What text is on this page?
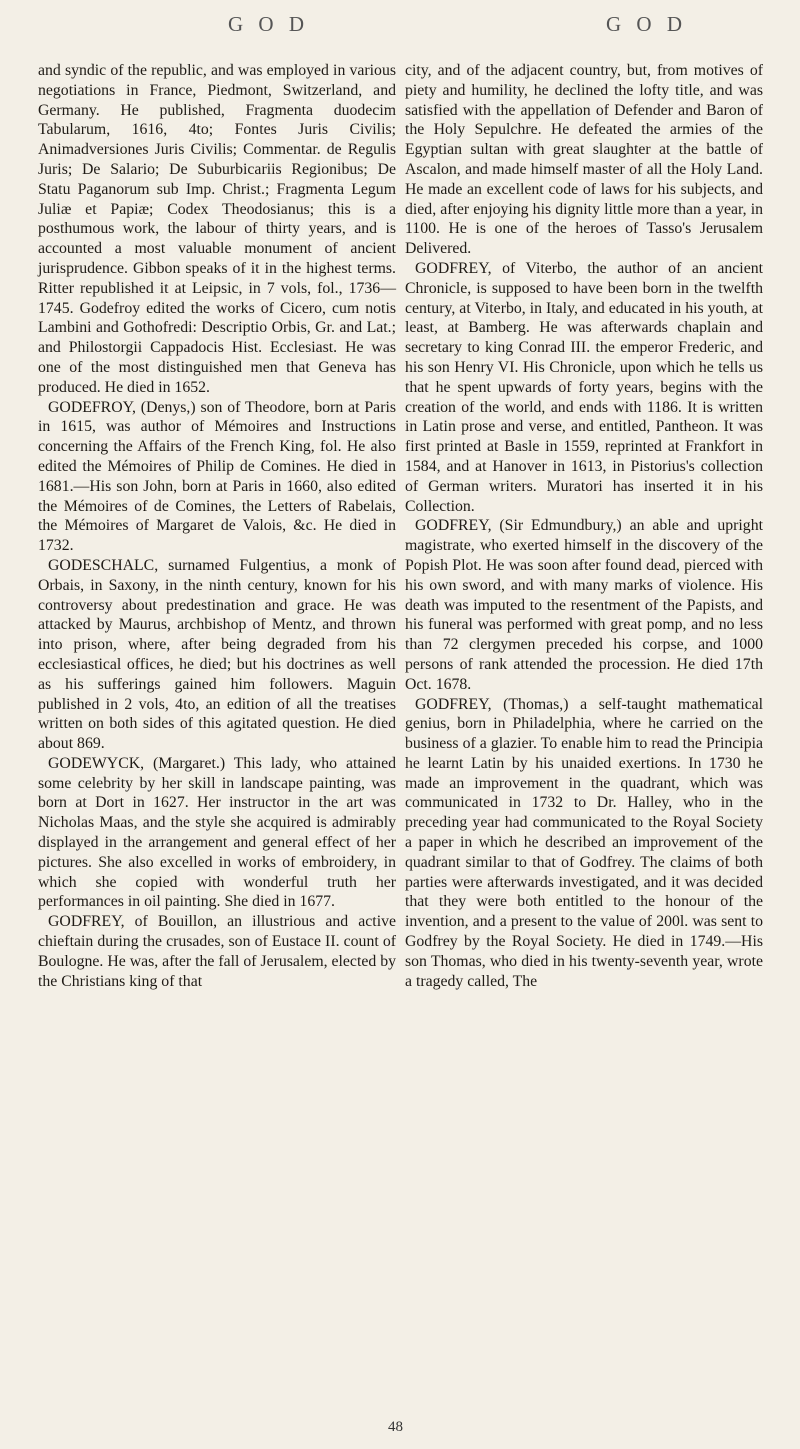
G O D	G O D

and syndic of the republic, and was employed in various negotiations in France, Piedmont, Switzerland, and Germany. He published, Fragmenta duodecim Tabularum, 1616, 4to; Fontes Juris Civilis; Animadversiones Juris Civilis; Commentar. de Regulis Juris; De Salario; De Suburbicariis Regionibus; De Statu Paganorum sub Imp. Christ.; Fragmenta Legum Juliæ et Papiæ; Codex Theodosianus; this is a posthumous work, the labour of thirty years, and is accounted a most valuable monument of ancient jurisprudence. Gibbon speaks of it in the highest terms. Ritter republished it at Leipsic, in 7 vols, fol., 1736—1745. Godefroy edited the works of Cicero, cum notis Lambini and Gothofredi: Descriptio Orbis, Gr. and Lat.; and Philostorgii Cappadocis Hist. Ecclesiast. He was one of the most distinguished men that Geneva has produced. He died in 1652.

GODEFROY, (Denys,) son of Theodore, born at Paris in 1615, was author of Mémoires and Instructions concerning the Affairs of the French King, fol. He also edited the Mémoires of Philip de Comines. He died in 1681.—His son John, born at Paris in 1660, also edited the Mémoires of de Comines, the Letters of Rabelais, the Mémoires of Margaret de Valois, &c. He died in 1732.

GODESCHALC, surnamed Fulgentius, a monk of Orbais, in Saxony, in the ninth century, known for his controversy about predestination and grace. He was attacked by Maurus, archbishop of Mentz, and thrown into prison, where, after being degraded from his ecclesiastical offices, he died; but his doctrines as well as his sufferings gained him followers. Maguin published in 2 vols, 4to, an edition of all the treatises written on both sides of this agitated question. He died about 869.

GODEWYCK, (Margaret.) This lady, who attained some celebrity by her skill in landscape painting, was born at Dort in 1627. Her instructor in the art was Nicholas Maas, and the style she acquired is admirably displayed in the arrangement and general effect of her pictures. She also excelled in works of embroidery, in which she copied with wonderful truth her performances in oil painting. She died in 1677.

GODFREY, of Bouillon, an illustrious and active chieftain during the crusades, son of Eustace II. count of Boulogne. He was, after the fall of Jerusalem, elected by the Christians king of that

city, and of the adjacent country, but, from motives of piety and humility, he declined the lofty title, and was satisfied with the appellation of Defender and Baron of the Holy Sepulchre. He defeated the armies of the Egyptian sultan with great slaughter at the battle of Ascalon, and made himself master of all the Holy Land. He made an excellent code of laws for his subjects, and died, after enjoying his dignity little more than a year, in 1100. He is one of the heroes of Tasso's Jerusalem Delivered.

GODFREY, of Viterbo, the author of an ancient Chronicle, is supposed to have been born in the twelfth century, at Viterbo, in Italy, and educated in his youth, at least, at Bamberg. He was afterwards chaplain and secretary to king Conrad III. the emperor Frederic, and his son Henry VI. His Chronicle, upon which he tells us that he spent upwards of forty years, begins with the creation of the world, and ends with 1186. It is written in Latin prose and verse, and entitled, Pantheon. It was first printed at Basle in 1559, reprinted at Frankfort in 1584, and at Hanover in 1613, in Pistorius's collection of German writers. Muratori has inserted it in his Collection.

GODFREY, (Sir Edmundbury,) an able and upright magistrate, who exerted himself in the discovery of the Popish Plot. He was soon after found dead, pierced with his own sword, and with many marks of violence. His death was imputed to the resentment of the Papists, and his funeral was performed with great pomp, and no less than 72 clergymen preceded his corpse, and 1000 persons of rank attended the procession. He died 17th Oct. 1678.

GODFREY, (Thomas,) a self-taught mathematical genius, born in Philadelphia, where he carried on the business of a glazier. To enable him to read the Principia he learnt Latin by his unaided exertions. In 1730 he made an improvement in the quadrant, which was communicated in 1732 to Dr. Halley, who in the preceding year had communicated to the Royal Society a paper in which he described an improvement of the quadrant similar to that of Godfrey. The claims of both parties were afterwards investigated, and it was decided that they were both entitled to the honour of the invention, and a present to the value of 200l. was sent to Godfrey by the Royal Society. He died in 1749.—His son Thomas, who died in his twenty-seventh year, wrote a tragedy called, The

48
